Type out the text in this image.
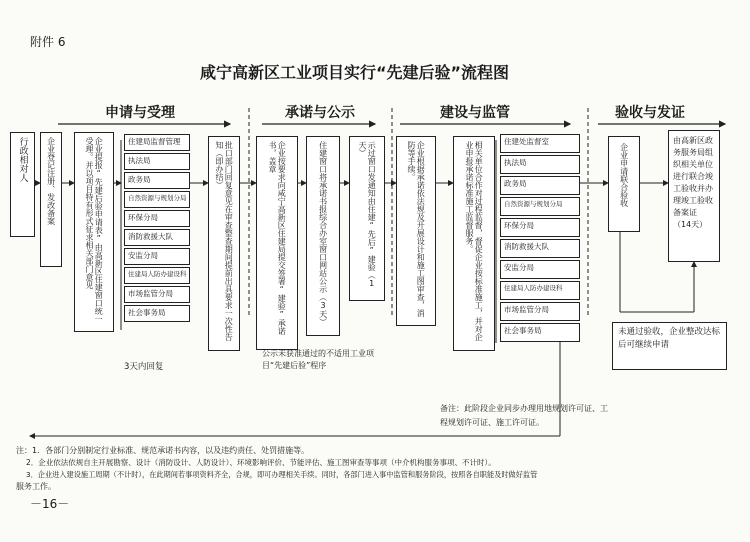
附件 6
咸宁高新区工业项目实行“先建后验”流程图
申请与受理	承诺与公示	建设与监管	验收与发证
行政相对人 企业登记注册、发改备案	企业提报“先建后验申请表”由高新区住建窗口统一受理。并以项目特有形式征求相关部门意见	住建局监督管理
执法局
政务局
自然资源与规划分局
环保分局
消防救援大队
安监分局
住建局人防办建设科
市场监管分局
社会事务局
3天内回复
批口部门回复意见在审查整查期间提前出具要求一次性告知（即办结）	企业按要求向咸宁高新区住建局提交签署“建验”承诺书，盖章	住建窗口将承诺书报综合办室窗口网站公示（3天）	示过窗口发通知由住建“先后”建验（1天）
公示未获准通过的不适用工业项目“先建后验”程序
企业根据承诺依法规及开展设计和施工图审查，消防等手续。	相关单位合作对过程监督，督促企业按标准施工，并对企业申报承诺标准施工监督服务。	住建处监督室
执法局
政务局
自然资源与规划分局
环保分局
消防救援大队
安监分局
住建局人防办建设科
市场监管分局
社会事务局
企业申请联合验收
由高新区政务服务局组织相关单位进行联合竣工验收并办理竣工验收备案证（14天）
未通过验收，企业整改达标后可继续申请
备注：此阶段企业同步办理用地规划许可证、工程规划许可证、施工许可证。
注：1．各部门分别制定行业标准、规范承诺书内容，以及违约责任、处罚措施等。
2．企业依法依规自主开展勘察、设计（消防设计、人防设计）、环境影响评价、节能评估、施工图审查等事项（中介机构服务事项、不计时）。
3．企业进入建设施工周期（不计时），在此期间若事项资料齐全，合规，即可办理相关手续。同时，各部门进入事中监管和服务阶段，按照各自职能及时做好监管
服务工作。
－16－
